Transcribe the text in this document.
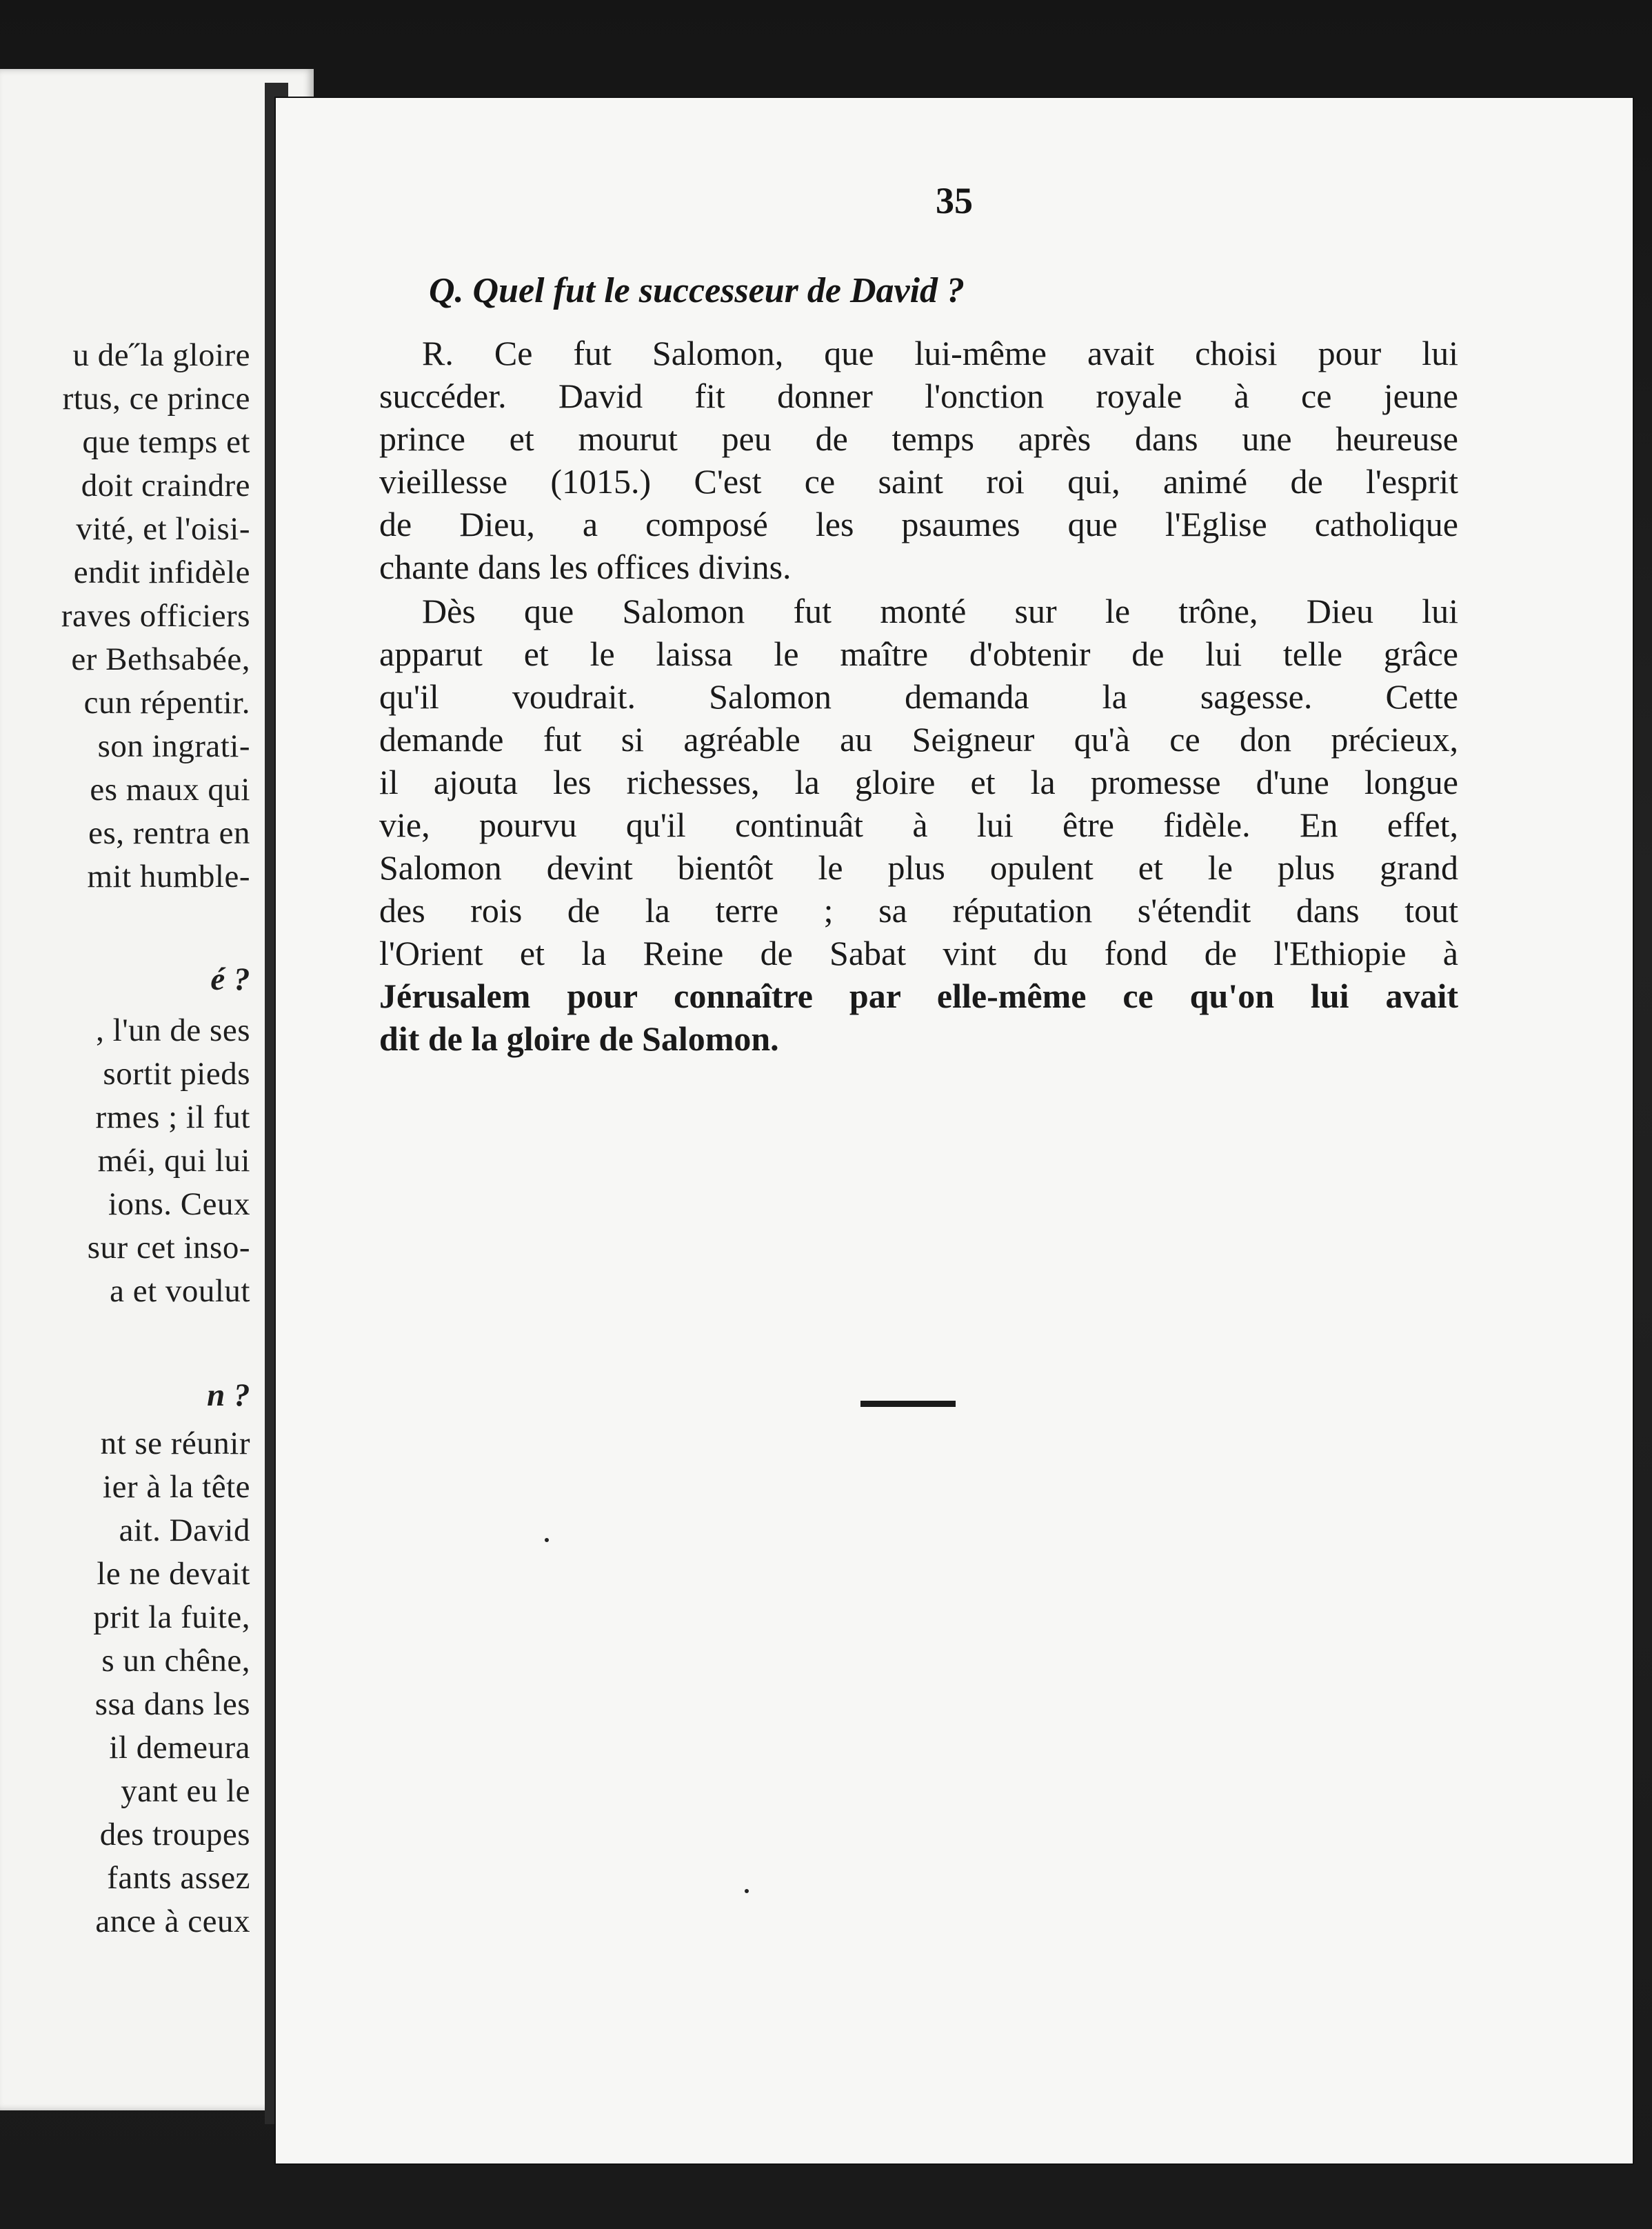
u de˝la gloire
rtus, ce prince
que temps et
doit craindre
vité, et l'oisi-
endit infidèle
raves officiers
er Bethsabée,
cun répentir.
son ingrati-
es maux qui
es, rentra en
mit humble-
é ?
, l'un de ses
sortit pieds
rmes ; il fut
méi, qui lui
ions. Ceux
sur cet inso-
a et voulut
n ?
nt se réunir
ier à la tête
ait. David
le ne devait
prit la fuite,
s un chêne,
ssa dans les
il demeura
yant eu le
des troupes
fants assez
ance à ceux
35
Q. Quel fut le successeur de David ?
R. Ce fut Salomon, que lui-même avait choisi pour lui
succéder. David fit donner l'onction royale à ce jeune
prince et mourut peu de temps après dans une heureuse
vieillesse (1015.) C'est ce saint roi qui, animé de l'esprit
de Dieu, a composé les psaumes que l'Eglise catholique
chante dans les offices divins.
Dès que Salomon fut monté sur le trône, Dieu lui
apparut et le laissa le maître d'obtenir de lui telle grâce
qu'il voudrait. Salomon demanda la sagesse. Cette
demande fut si agréable au Seigneur qu'à ce don précieux,
il ajouta les richesses, la gloire et la promesse d'une longue
vie, pourvu qu'il continuât à lui être fidèle. En effet,
Salomon devint bientôt le plus opulent et le plus grand
des rois de la terre ; sa réputation s'étendit dans tout
l'Orient et la Reine de Sabat vint du fond de l'Ethiopie à
Jérusalem pour connaître par elle-même ce qu'on lui avait
dit de la gloire de Salomon.
